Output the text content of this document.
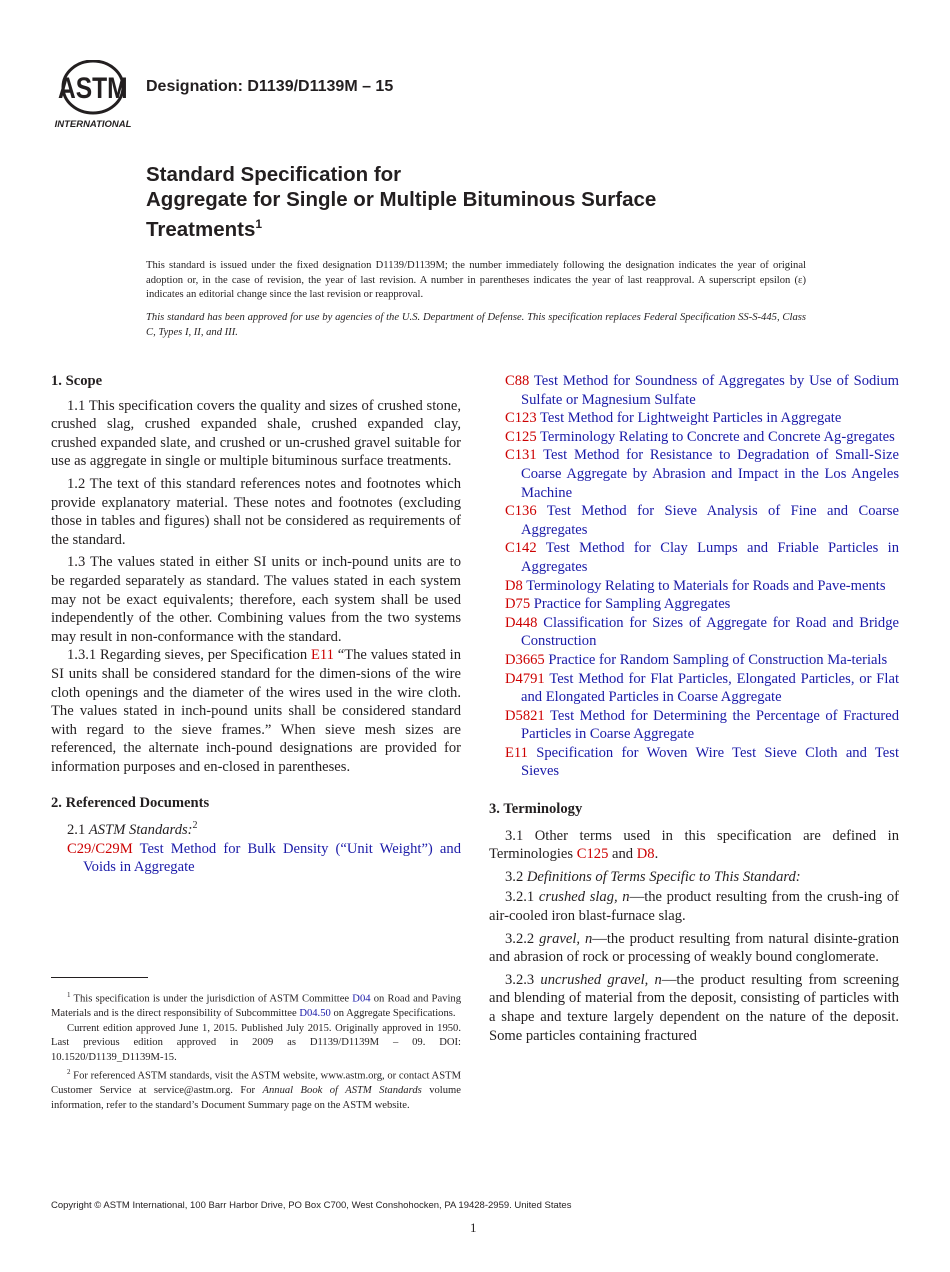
ASTM
INTERNATIONAL
Designation: D1139/D1139M – 15
Standard Specification for
Aggregate for Single or Multiple Bituminous Surface
Treatments$^1$
This standard is issued under the fixed designation D1139/D1139M; the number immediately following the designation indicates the year of original adoption or, in the case of revision, the year of last revision. A number in parentheses indicates the year of last reapproval. A superscript epsilon (ε) indicates an editorial change since the last revision or reapproval.
This standard has been approved for use by agencies of the U.S. Department of Defense. This specification replaces Federal Specification SS-S-445, Class C, Types I, II, and III.

1. Scope

1.1 This specification covers the quality and sizes of crushed stone, crushed slag, crushed expanded shale, crushed expanded clay, crushed expanded slate, and crushed or un-crushed gravel suitable for use as aggregate in single or multiple bituminous surface treatments.

1.2 The text of this standard references notes and footnotes which provide explanatory material. These notes and footnotes (excluding those in tables and figures) shall not be considered as requirements of the standard.

1.3 The values stated in either SI units or inch-pound units are to be regarded separately as standard. The values stated in each system may not be exact equivalents; therefore, each system shall be used independently of the other. Combining values from the two systems may result in non-conformance with the standard.

1.3.1 Regarding sieves, per Specification E11 “The values stated in SI units shall be considered standard for the dimen-sions of the wire cloth openings and the diameter of the wires used in the wire cloth. The values stated in inch-pound units shall be considered standard with regard to the sieve frames.” When sieve mesh sizes are referenced, the alternate inch-pound designations are provided for information purposes and en-closed in parentheses.

2. Referenced Documents

2.1 ASTM Standards:$^2$

C29/C29M Test Method for Bulk Density (“Unit Weight”) and Voids in Aggregate

$^1$ This specification is under the jurisdiction of ASTM Committee D04 on Road and Paving Materials and is the direct responsibility of Subcommittee D04.50 on Aggregate Specifications.

Current edition approved June 1, 2015. Published July 2015. Originally approved in 1950. Last previous edition approved in 2009 as D1139/D1139M – 09. DOI: 10.1520/D1139_D1139M-15.

$^2$ For referenced ASTM standards, visit the ASTM website, www.astm.org, or contact ASTM Customer Service at service@astm.org. For Annual Book of ASTM Standards volume information, refer to the standard’s Document Summary page on the ASTM website.

C88 Test Method for Soundness of Aggregates by Use of Sodium Sulfate or Magnesium Sulfate

C123 Test Method for Lightweight Particles in Aggregate

C125 Terminology Relating to Concrete and Concrete Ag-gregates

C131 Test Method for Resistance to Degradation of Small-Size Coarse Aggregate by Abrasion and Impact in the Los Angeles Machine

C136 Test Method for Sieve Analysis of Fine and Coarse Aggregates

C142 Test Method for Clay Lumps and Friable Particles in Aggregates

D8 Terminology Relating to Materials for Roads and Pave-ments

D75 Practice for Sampling Aggregates

D448 Classification for Sizes of Aggregate for Road and Bridge Construction

D3665 Practice for Random Sampling of Construction Ma-terials

D4791 Test Method for Flat Particles, Elongated Particles, or Flat and Elongated Particles in Coarse Aggregate

D5821 Test Method for Determining the Percentage of Fractured Particles in Coarse Aggregate

E11 Specification for Woven Wire Test Sieve Cloth and Test Sieves

3. Terminology

3.1 Other terms used in this specification are defined in Terminologies C125 and D8.

3.2 Definitions of Terms Specific to This Standard:

3.2.1 crushed slag, n—the product resulting from the crush-ing of air-cooled iron blast-furnace slag.

3.2.2 gravel, n—the product resulting from natural disinte-gration and abrasion of rock or processing of weakly bound conglomerate.

3.2.3 uncrushed gravel, n—the product resulting from screening and blending of material from the deposit, consisting of particles with a shape and texture largely dependent on the nature of the deposit. Some particles containing fractured

Copyright © ASTM International, 100 Barr Harbor Drive, PO Box C700, West Conshohocken, PA 19428-2959. United States
1
